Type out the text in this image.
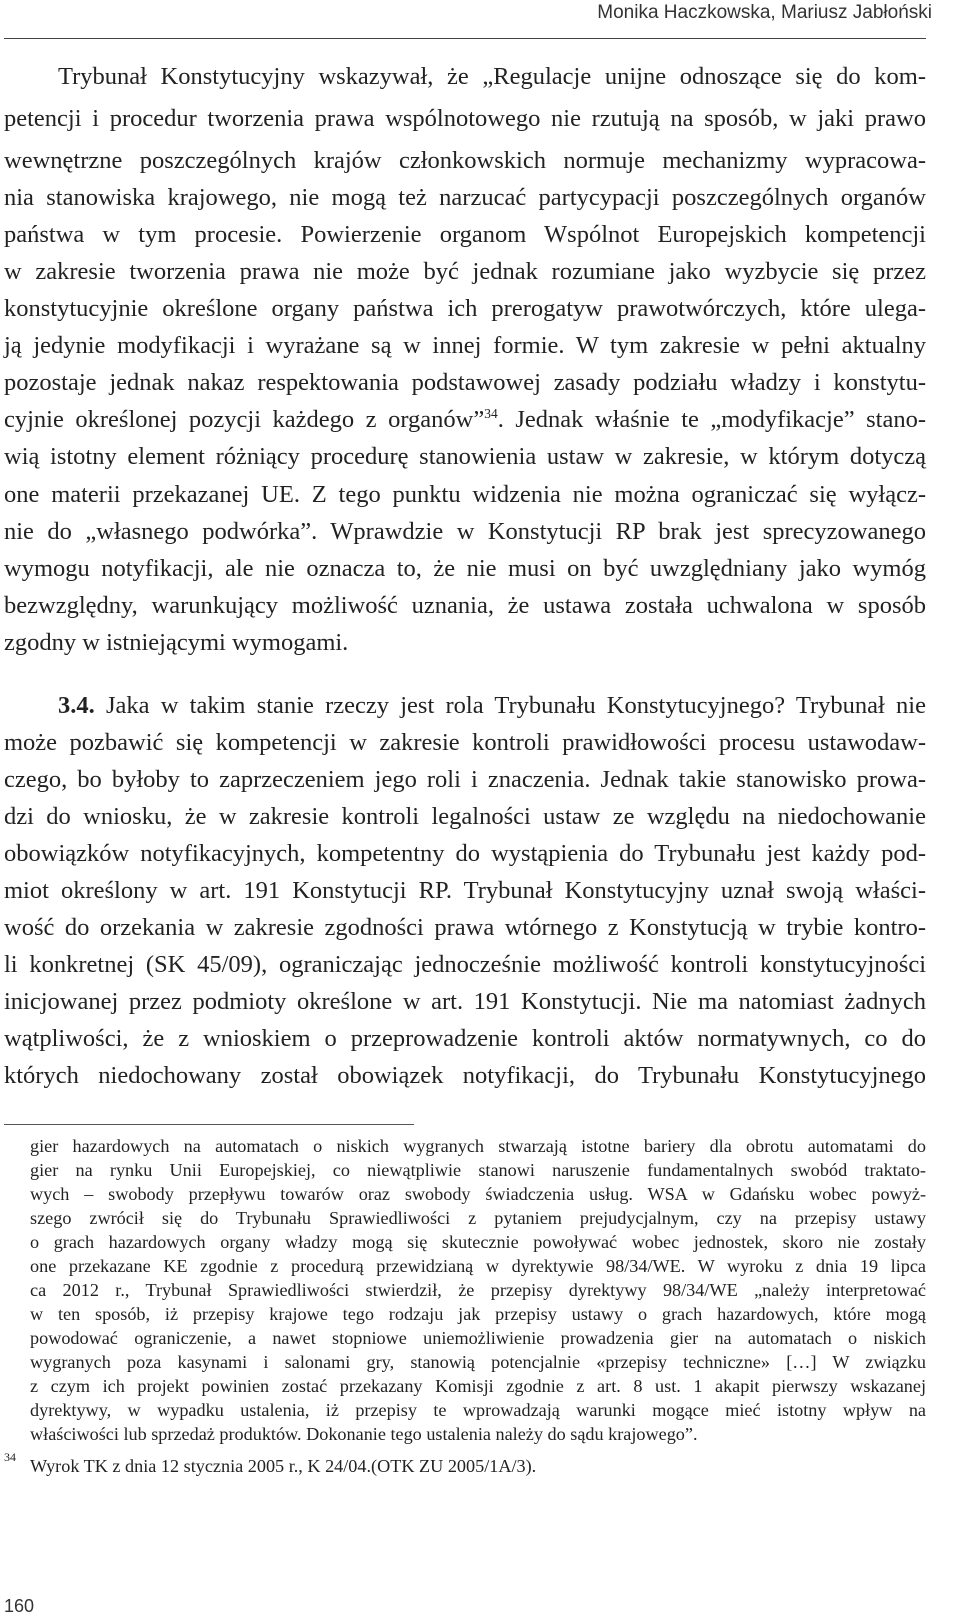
Monika Haczkowska, Mariusz Jabłoński
Trybunał Konstytucyjny wskazywał, że „Regulacje unijne odnoszące się do kom-
petencji i procedur tworzenia prawa wspólnotowego nie rzutują na sposób, w jaki prawo
wewnętrzne poszczególnych krajów członkowskich normuje mechanizmy wypracowa-
nia stanowiska krajowego, nie mogą też narzucać partycypacji poszczególnych organów
państwa w tym procesie. Powierzenie organom Wspólnot Europejskich kompetencji
w zakresie tworzenia prawa nie może być jednak rozumiane jako wyzbycie się przez
konstytucyjnie określone organy państwa ich prerogatyw prawotwórczych, które ulega-
ją jedynie modyfikacji i wyrażane są w innej formie. W tym zakresie w pełni aktualny
pozostaje jednak nakaz respektowania podstawowej zasady podziału władzy i konstytu-
cyjnie określonej pozycji każdego z organów”$^{34}$. Jednak właśnie te „modyfikacje” stano-
wią istotny element różniący procedurę stanowienia ustaw w zakresie, w którym dotyczą
one materii przekazanej UE. Z tego punktu widzenia nie można ograniczać się wyłącz-
nie do „własnego podwórka”. Wprawdzie w Konstytucji RP brak jest sprecyzowanego
wymogu notyfikacji, ale nie oznacza to, że nie musi on być uwzględniany jako wymóg
bezwzględny, warunkujący możliwość uznania, że ustawa została uchwalona w sposób
zgodny w istniejącymi wymogami.
3.4. Jaka w takim stanie rzeczy jest rola Trybunału Konstytucyjnego? Trybunał nie
może pozbawić się kompetencji w zakresie kontroli prawidłowości procesu ustawodaw-
czego, bo byłoby to zaprzeczeniem jego roli i znaczenia. Jednak takie stanowisko prowa-
dzi do wniosku, że w zakresie kontroli legalności ustaw ze względu na niedochowanie
obowiązków notyfikacyjnych, kompetentny do wystąpienia do Trybunału jest każdy pod-
miot określony w art. 191 Konstytucji RP. Trybunał Konstytucyjny uznał swoją właści-
wość do orzekania w zakresie zgodności prawa wtórnego z Konstytucją w trybie kontro-
li konkretnej (SK 45/09), ograniczając jednocześnie możliwość kontroli konstytucyjności
inicjowanej przez podmioty określone w art. 191 Konstytucji. Nie ma natomiast żadnych
wątpliwości, że z wnioskiem o przeprowadzenie kontroli aktów normatywnych, co do
których niedochowany został obowiązek notyfikacji, do Trybunału Konstytucyjnego
gier hazardowych na automatach o niskich wygranych stwarzają istotne bariery dla obrotu automatami do
gier na rynku Unii Europejskiej, co niewątpliwie stanowi naruszenie fundamentalnych swobód traktato-
wych – swobody przepływu towarów oraz swobody świadczenia usług. WSA w Gdańsku wobec powyż-
szego zwrócił się do Trybunału Sprawiedliwości z pytaniem prejudycjalnym, czy na przepisy ustawy
o grach hazardowych organy władzy mogą się skutecznie powoływać wobec jednostek, skoro nie zostały
one przekazane KE zgodnie z procedurą przewidzianą w dyrektywie 98/34/WE. W wyroku z dnia 19 lipca
ca 2012 r., Trybunał Sprawiedliwości stwierdził, że przepisy dyrektywy 98/34/WE „należy interpretować
w ten sposób, iż przepisy krajowe tego rodzaju jak przepisy ustawy o grach hazardowych, które mogą
powodować ograniczenie, a nawet stopniowe uniemożliwienie prowadzenia gier na automatach o niskich
wygranych poza kasynami i salonami gry, stanowią potencjalnie «przepisy techniczne» […] W związku
z czym ich projekt powinien zostać przekazany Komisji zgodnie z art. 8 ust. 1 akapit pierwszy wskazanej
dyrektywy, w wypadku ustalenia, iż przepisy te wprowadzają warunki mogące mieć istotny wpływ na
właściwości lub sprzedaż produktów. Dokonanie tego ustalenia należy do sądu krajowego”.
34 Wyrok TK z dnia 12 stycznia 2005 r., K 24/04.(OTK ZU 2005/1A/3).
160
